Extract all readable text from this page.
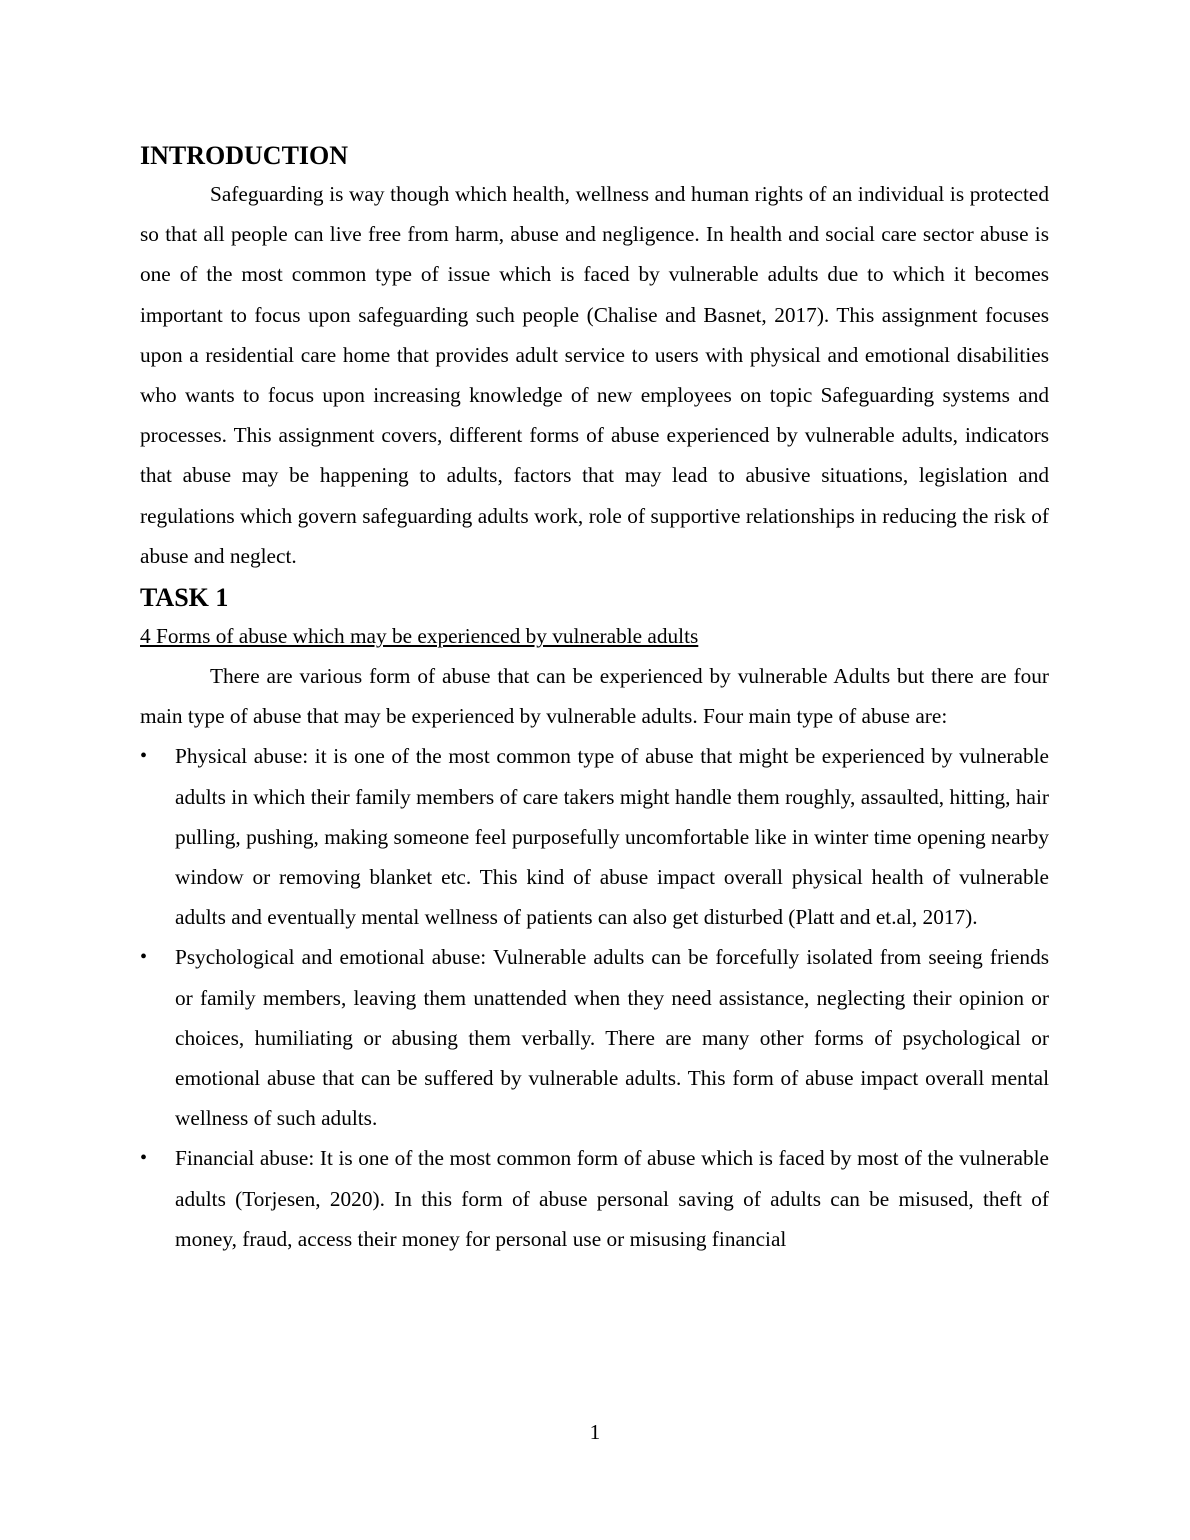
INTRODUCTION

Safeguarding is way though which health, wellness and human rights of an individual is protected so that all people can live free from harm, abuse and negligence. In health and social care sector abuse is one of the most common type of issue which is faced by vulnerable adults due to which it becomes important to focus upon safeguarding such people (Chalise and Basnet, 2017). This assignment focuses upon a residential care home that provides adult service to users with physical and emotional disabilities who wants to focus upon increasing knowledge of new employees on topic Safeguarding systems and processes. This assignment covers, different forms of abuse experienced by vulnerable adults, indicators that abuse may be happening to adults, factors that may lead to abusive situations, legislation and regulations which govern safeguarding adults work, role of supportive relationships in reducing the risk of abuse and neglect.

TASK 1

4 Forms of abuse which may be experienced by vulnerable adults

There are various form of abuse that can be experienced by vulnerable Adults but there are four main type of abuse that may be experienced by vulnerable adults. Four main type of abuse are:

• Physical abuse: it is one of the most common type of abuse that might be experienced by vulnerable adults in which their family members of care takers might handle them roughly, assaulted, hitting, hair pulling, pushing, making someone feel purposefully uncomfortable like in winter time opening nearby window or removing blanket etc. This kind of abuse impact overall physical health of vulnerable adults and eventually mental wellness of patients can also get disturbed (Platt and et.al, 2017).
• Psychological and emotional abuse: Vulnerable adults can be forcefully isolated from seeing friends or family members, leaving them unattended when they need assistance, neglecting their opinion or choices, humiliating or abusing them verbally. There are many other forms of psychological or emotional abuse that can be suffered by vulnerable adults. This form of abuse impact overall mental wellness of such adults.
• Financial abuse: It is one of the most common form of abuse which is faced by most of the vulnerable adults (Torjesen, 2020). In this form of abuse personal saving of adults can be misused, theft of money, fraud, access their money for personal use or misusing financial
1
